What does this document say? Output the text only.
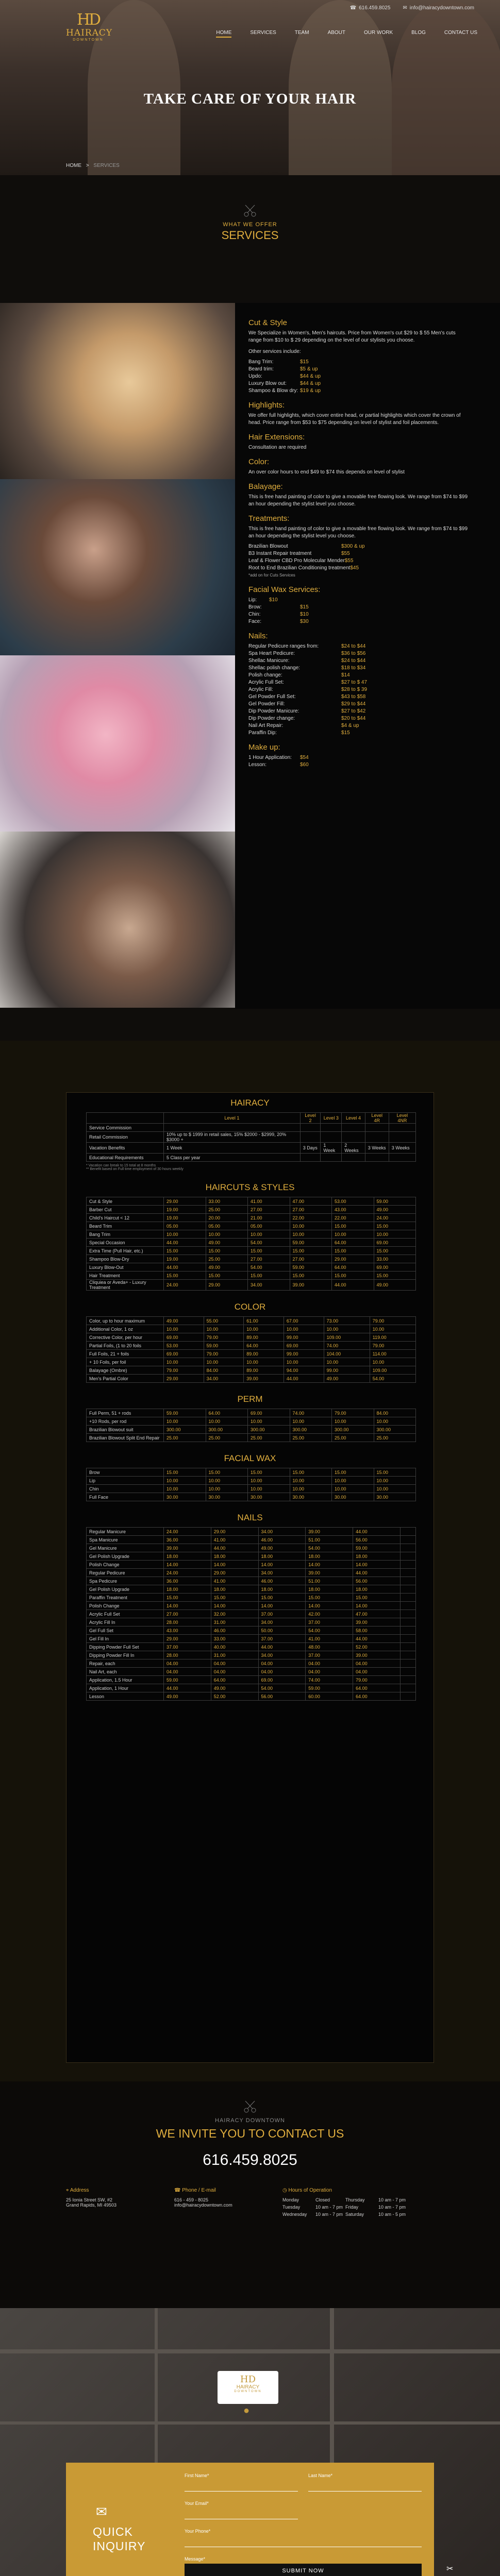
☎ 616.459.8025 ✉ info@hairacydowntown.com
HD
HAIRACY
DOWNTOWN
HOME	SERVICES	TEAM	ABOUT	OUR WORK	BLOG	CONTACT US
TAKE CARE OF YOUR HAIR
HOME > SERVICES
WHAT WE OFFER
SERVICES
Cut & Style

We Specialize in Women's, Men's haircuts. Price from Women's cut $29 to $ 55 Men's cuts range from $10 to $ 29 depending on the level of our stylists you choose.

Other services include:

Bang Trim:	$15
Beard trim:	$5 & up
Updo:	$44 & up
Luxury Blow out:	$44 & up
Shampoo & Blow dry: $19 & up
Highlights:

We offer full highlights, which cover entire head, or partial highlights which cover the crown of head. Price range from $53 to $75 depending on level of stylist and foil placements.

Hair Extensions:

Consultation are required

Color:

An over color hours to end $49 to $74 this depends on level of stylist

Balayage:

This is free hand painting of color to give a movable free flowing look. We range from $74 to $99 an hour depending the stylist level you choose.

Treatments:

This is free hand painting of color to give a movable free flowing look. We range from $74 to $99 an hour depending the stylist level you choose.

Brazilian Blowout	$300 & up
B3 Instant Repair treatment	$55
Leaf & Flower CBD Pro Molecular Mender $55
Root to End Brazilian Conditioning treatment $45
*add on for Cuts Services
Facial Wax Services:
Lip:	$10
Brow:	$15
Chin:	$10
Face:	$30
Nails:
Regular Pedicure ranges from:	$24 to $44
Spa Heart Pedicure:	$36 to $56
Shellac Manicure:	$24 to $44
Shellac polish change:	$18 to $34
Polish change:	$14
Acrylic Full Set:	$27 to $ 47
Acrylic Fill:	$28 to $ 39
Gel Powder Full Set:	$43 to $58
Gel Powder Fill:	$29 to $44
Dip Powder Manicure:	$27 to $42
Dip Powder change:	$20 to $44
Nail Art Repair:	$4 & up
Paraffin Dip:	$15
Make up:
1 Hour Application:	$54
Lesson:	$60
HAIRACY
	Level 1	Level 2	Level 3	Level 4	Level 4R	Level 4NR
Service Commission						
Retail Commission	10% up to $ 1999 in retail sales, 15% $2000 - $2999, 20% $3000 +					
Vacation Benefits	1 Week	3 Days	1 Week	2 Weeks	3 Weeks	3 Weeks
Educational Requirements	5 Class per year					
* Vacation can break to 15 total at 8 months
** Benefit based on Full time employment of 30 hours weekly
HAIRCUTS & STYLES
Cut & Style	29.00	33.00	41.00	47.00	53.00	59.00
Barber Cut	19.00	25.00	27.00	27.00	43.00	49.00
Child's Haircut < 12	19.00	20.00	21.00	22.00	22.00	24.00
Beard Trim	05.00	05.00	05.00	10.00	15.00	15.00
Bang Trim	10.00	10.00	10.00	10.00	10.00	10.00
Special Occasion	44.00	49.00	54.00	59.00	64.00	69.00
Extra Time (Pull Hair, etc.)	15.00	15.00	15.00	15.00	15.00	15.00
Shampoo Blow-Dry	19.00	25.00	27.00	27.00	29.00	33.00
Luxury Blow-Out	44.00	49.00	54.00	59.00	64.00	69.00
Hair Treatment	15.00	15.00	15.00	15.00	15.00	15.00
Cliquiea or Aveda+ - Luxury Treatment	24.00	29.00	34.00	39.00	44.00	49.00
COLOR
Color, up to hour maximum	49.00	55.00	61.00	67.00	73.00	79.00
Additional Color, 1 oz	10.00	10.00	10.00	10.00	10.00	10.00
Corrective Color, per hour	69.00	79.00	89.00	99.00	109.00	119.00
Partial Foils, (1 to 20 foils	53.00	59.00	64.00	69.00	74.00	79.00
Full Foils, 21 + foils	69.00	79.00	89.00	99.00	104.00	114.00
+ 10 Foils, per foil	10.00	10.00	10.00	10.00	10.00	10.00
Balayage (Ombre)	79.00	84.00	89.00	94.00	99.00	109.00
Men's Partial Color	29.00	34.00	39.00	44.00	49.00	54.00
PERM
Full Perm, 51 + rods	59.00	64.00	69.00	74.00	79.00	84.00
+10 Rods, per rod	10.00	10.00	10.00	10.00	10.00	10.00
Brazilian Blowout suit	300.00	300.00	300.00	300.00	300.00	300.00
Brazilian Blowout Split End Repair	25.00	25.00	25.00	25.00	25.00	25.00
FACIAL WAX
Brow	15.00	15.00	15.00	15.00	15.00	15.00
Lip	10.00	10.00	10.00	10.00	10.00	10.00
Chin	10.00	10.00	10.00	10.00	10.00	10.00
Full Face	30.00	30.00	30.00	30.00	30.00	30.00
NAILS
Regular Manicure	24.00	29.00	34.00	39.00	44.00	
Spa Manicure	36.00	41.00	46.00	51.00	56.00	
Gel Manicure	39.00	44.00	49.00	54.00	59.00	
Gel Polish Upgrade	18.00	18.00	18.00	18.00	18.00	
Polish Change	14.00	14.00	14.00	14.00	14.00	
Regular Pedicure	24.00	29.00	34.00	39.00	44.00	
Spa Pedicure	36.00	41.00	46.00	51.00	56.00	
Gel Polish Upgrade	18.00	18.00	18.00	18.00	18.00	
Paraffin Treatment	15.00	15.00	15.00	15.00	15.00	
Polish Change	14.00	14.00	14.00	14.00	14.00	
Acrylic Full Set	27.00	32.00	37.00	42.00	47.00	
Acrylic Fill In	28.00	31.00	34.00	37.00	39.00	
Gel Full Set	43.00	46.00	50.00	54.00	58.00	
Gel Fill In	29.00	33.00	37.00	41.00	44.00	
Dipping Powder Full Set	37.00	40.00	44.00	48.00	52.00	
Dipping Powder Fill In	28.00	31.00	34.00	37.00	39.00	
Repair, each	04.00	04.00	04.00	04.00	04.00	
Nail Art, each	04.00	04.00	04.00	04.00	04.00	
Application, 1.5 Hour	59.00	64.00	69.00	74.00	79.00	
Application, 1 Hour	44.00	49.00	54.00	59.00	64.00	
Lesson	49.00	52.00	56.00	60.00	64.00	
HAIRACY DOWNTOWN
WE INVITE YOU TO CONTACT US
616.459.8025
⌖ Address
25 Ionia Street SW, #2
Grand Rapids, MI 49503
☎ Phone / E-mail
616 - 459 - 8025
info@hairacydowntown.com
◷ Hours of Operation
Monday	Closed	Thursday	10 am - 7 pm
Tuesday	10 am - 7 pm Friday	10 am - 7 pm
Wednesday	10 am - 7 pm Saturday	10 am - 5 pm
HD
HAIRACY
DOWNTOWN
●
✉
QUICK
INQUIRY
First Name*	Last Name*
Your Email*
Your Phone*
Message*
SUBMIT NOW	✂
